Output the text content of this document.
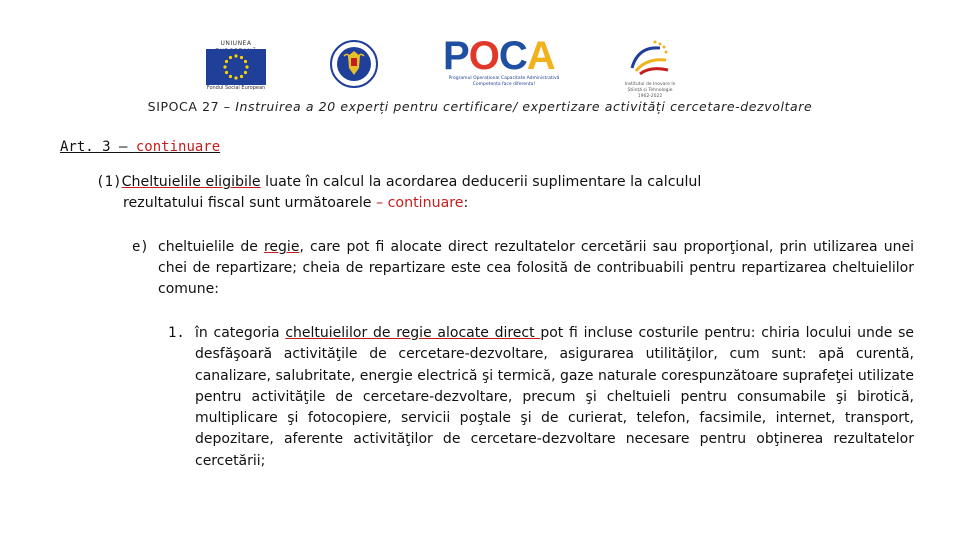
UNIUNEA
Fondul Social European
POCA
Programul Operațional Capacitate Administrativă
Competența face diferența!	Institutul de Inovare în Știință și Tehnologie
1962-2022
SIPOCA 27 – Instruirea a 20 experți pentru certificare/ expertizare activități cercetare-dezvoltare
Art. 3 – continuare
(1)Cheltuielile eligibile luate în calcul la acordarea deducerii suplimentare la calculul
rezultatului fiscal sunt următoarele – continuare:
e) cheltuielile de regie, care pot fi alocate direct rezultatelor cercetării sau proporţional, prin utilizarea unei chei de repartizare; cheia de repartizare este cea folosită de contribuabili pentru repartizarea cheltuielilor comune:
1. în categoria cheltuielilor de regie alocate direct pot fi incluse costurile pentru: chiria locului unde se desfăşoară activităţile de cercetare-dezvoltare, asigurarea utilităţilor, cum sunt: apă curentă, canalizare, salubritate, energie electrică şi termică, gaze naturale corespunzătoare suprafeţei utilizate pentru activităţile de cercetare-dezvoltare, precum şi cheltuieli pentru consumabile şi birotică, multiplicare şi fotocopiere, servicii poştale şi de curierat, telefon, facsimile, internet, transport, depozitare, aferente activităţilor de cercetare-dezvoltare necesare pentru obţinerea rezultatelor cercetării;
